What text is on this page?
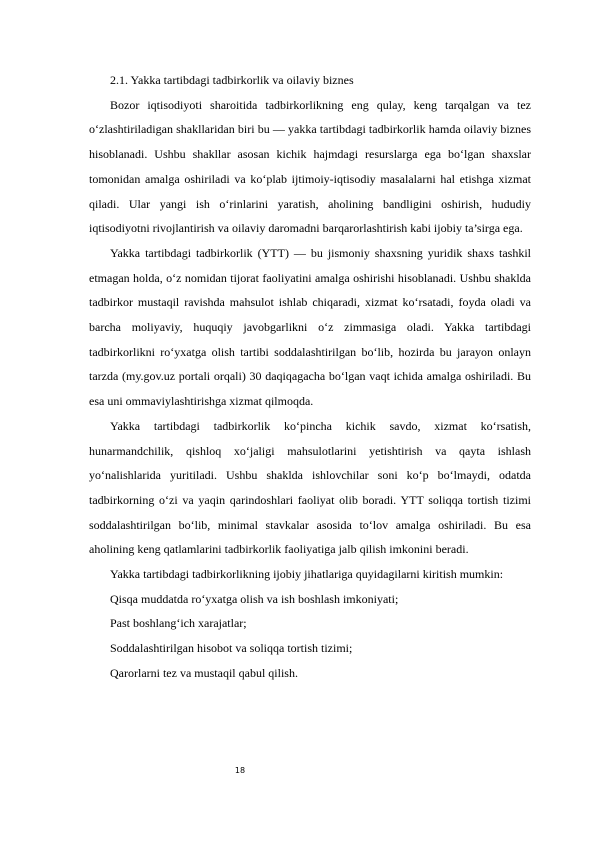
2.1. Yakka tartibdagi tadbirkorlik va oilaviy biznes

Bozor iqtisodiyoti sharoitida tadbirkorlikning eng qulay, keng tarqalgan va tez o‘zlashtiriladigan shakllaridan biri bu — yakka tartibdagi tadbirkorlik hamda oilaviy biznes hisoblanadi. Ushbu shakllar asosan kichik hajmdagi resurslarga ega bo‘lgan shaxslar tomonidan amalga oshiriladi va ko‘plab ijtimoiy-iqtisodiy masalalarni hal etishga xizmat qiladi. Ular yangi ish o‘rinlarini yaratish, aholining bandligini oshirish, hududiy iqtisodiyotni rivojlantirish va oilaviy daromadni barqarorlashtirish kabi ijobiy ta’sirga ega.

Yakka tartibdagi tadbirkorlik (YTT) — bu jismoniy shaxsning yuridik shaxs tashkil etmagan holda, o‘z nomidan tijorat faoliyatini amalga oshirishi hisoblanadi. Ushbu shaklda tadbirkor mustaqil ravishda mahsulot ishlab chiqaradi, xizmat ko‘rsatadi, foyda oladi va barcha moliyaviy, huquqiy javobgarlikni o‘z zimmasiga oladi. Yakka tartibdagi tadbirkorlikni ro‘yxatga olish tartibi soddalashtirilgan bo‘lib, hozirda bu jarayon onlayn tarzda (my.gov.uz portali orqali) 30 daqiqagacha bo‘lgan vaqt ichida amalga oshiriladi. Bu esa uni ommaviylashtirishga xizmat qilmoqda.

Yakka tartibdagi tadbirkorlik ko‘pincha kichik savdo, xizmat ko‘rsatish, hunarmandchilik, qishloq xo‘jaligi mahsulotlarini yetishtirish va qayta ishlash yo‘nalishlarida yuritiladi. Ushbu shaklda ishlovchilar soni ko‘p bo‘lmaydi, odatda tadbirkorning o‘zi va yaqin qarindoshlari faoliyat olib boradi. YTT soliqqa tortish tizimi soddalashtirilgan bo‘lib, minimal stavkalar asosida to‘lov amalga oshiriladi. Bu esa aholining keng qatlamlarini tadbirkorlik faoliyatiga jalb qilish imkonini beradi.

Yakka tartibdagi tadbirkorlikning ijobiy jihatlariga quyidagilarni kiritish mumkin:

Qisqa muddatda ro‘yxatga olish va ish boshlash imkoniyati;

Past boshlang‘ich xarajatlar;

Soddalashtirilgan hisobot va soliqqa tortish tizimi;

Qarorlarni tez va mustaqil qabul qilish.

18
